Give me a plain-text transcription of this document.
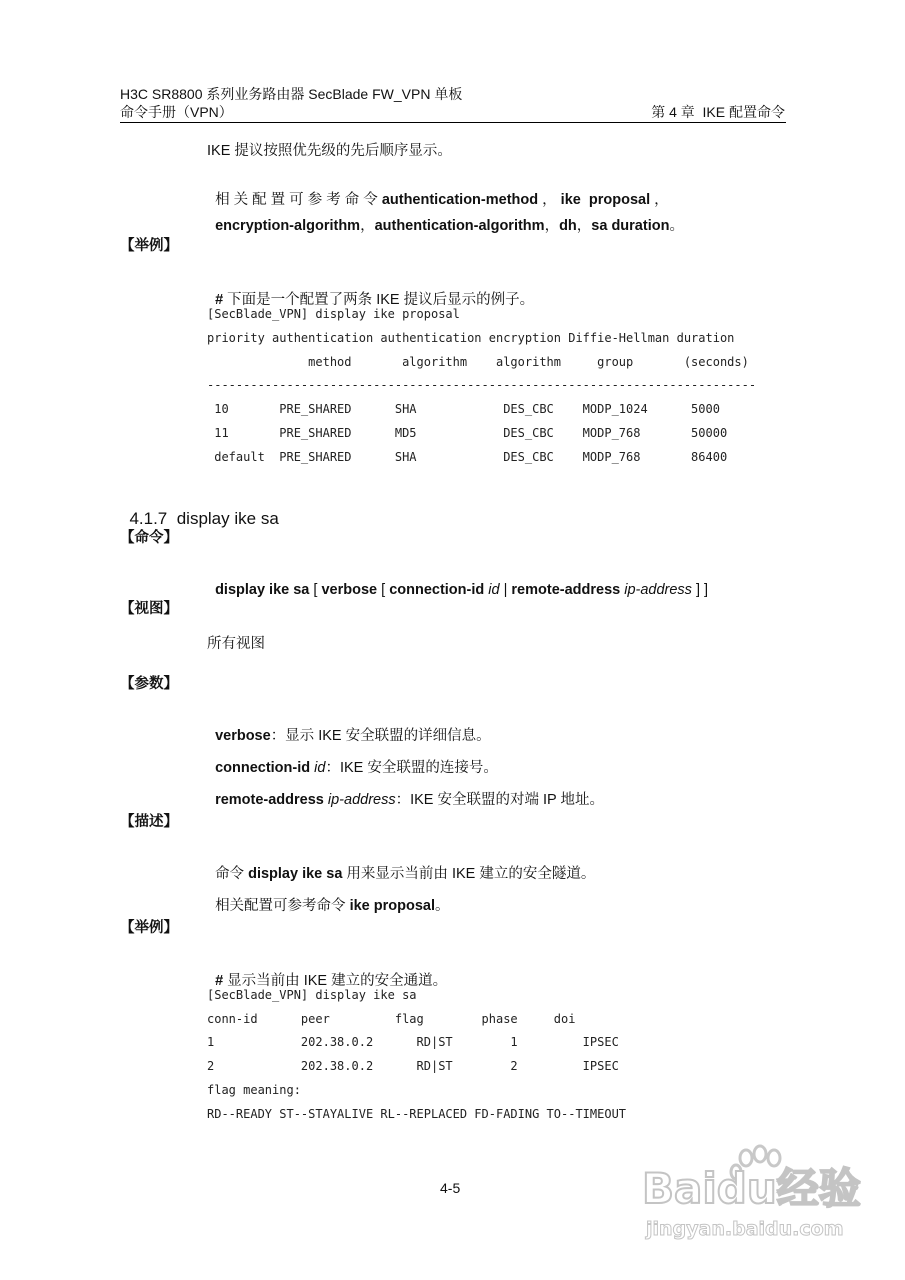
H3C SR8800 系列业务路由器 SecBlade FW_VPN 单板
命令手册（VPN）	第 4 章  IKE 配置命令
IKE 提议按照优先级的先后顺序显示。

相 关 配 置 可 参 考 命 令 authentication-method ， ike  proposal ，

encryption-algorithm，authentication-algorithm，dh，sa duration。

【举例】

# 下面是一个配置了两条 IKE 提议后显示的例子。

[SecBlade_VPN] display ike proposal
priority authentication authentication encryption Diffie-Hellman duration
method       algorithm    algorithm     group       (seconds)
----------------------------------------------------------------------------
10       PRE_SHARED      SHA            DES_CBC    MODP_1024      5000
11       PRE_SHARED      MD5            DES_CBC    MODP_768       50000
default  PRE_SHARED      SHA            DES_CBC    MODP_768       86400

4.1.7 display ike sa

【命令】

display ike sa [ verbose [ connection-id id | remote-address ip-address ] ]

【视图】
所有视图
【参数】

verbose：显示 IKE 安全联盟的详细信息。

connection-id id：IKE 安全联盟的连接号。

remote-address ip-address：IKE 安全联盟的对端 IP 地址。

【描述】

命令 display ike sa 用来显示当前由 IKE 建立的安全隧道。

相关配置可参考命令 ike proposal。

【举例】

# 显示当前由 IKE 建立的安全通道。

[SecBlade_VPN] display ike sa
conn-id      peer         flag        phase     doi
1            202.38.0.2      RD|ST        1         IPSEC
2            202.38.0.2      RD|ST        2         IPSEC
flag meaning:
RD--READY ST--STAYALIVE RL--REPLACED FD-FADING TO--TIMEOUT
4-5	Baidu经验
jingyan.baidu.com
